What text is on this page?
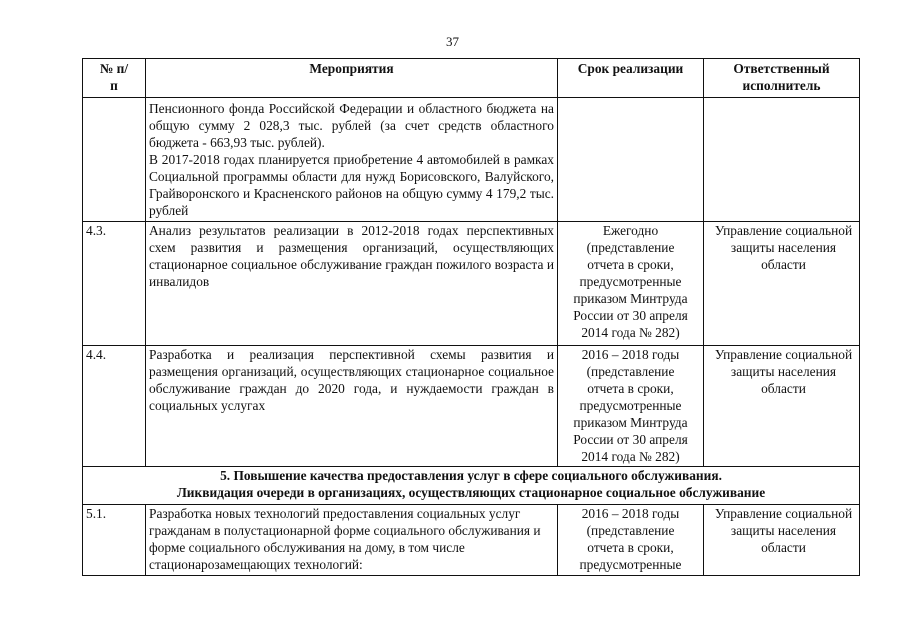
37
№ п/п	Мероприятия	Срок реализации	Ответственный исполнитель

	Пенсионного фонда Российской Федерации и областного бюджета на общую сумму 2 028,3 тыс. рублей (за счет средств областного бюджета - 663,93 тыс. рублей).
В 2017-2018 годах планируется приобретение 4 автомобилей в рамках Социальной программы области для нужд Борисовского, Валуйского, Грайворонского и Красненского районов на общую сумму 4 179,2 тыс. рублей		

4.3.	Анализ результатов реализации в 2012-2018 годах перспективных схем развития и размещения организаций, осуществляющих стационарное социальное обслуживание граждан пожилого возраста и инвалидов	Ежегодно (представление отчета в сроки, предусмотренные приказом Минтруда России от 30 апреля 2014 года № 282)	Управление социальной защиты населения области
4.4.	Разработка и реализация перспективной схемы развития и размещения организаций, осуществляющих стационарное социальное обслуживание граждан до 2020 года, и нуждаемости граждан в социальных услугах	2016 – 2018 годы (представление отчета в сроки, предусмотренные приказом Минтруда России от 30 апреля 2014 года № 282)	Управление социальной защиты населения области

5. Повышение качества предоставления услуг в сфере социального обслуживания.
Ликвидация очереди в организациях, осуществляющих стационарное социальное обслуживание			

5.1.	Разработка новых технологий предоставления социальных услуг гражданам в полустационарной форме социального обслуживания и форме социального обслуживания на дому, в том числе стационарозамещающих технологий:	2016 – 2018 годы (представление отчета в сроки, предусмотренные	Управление социальной защиты населения области
